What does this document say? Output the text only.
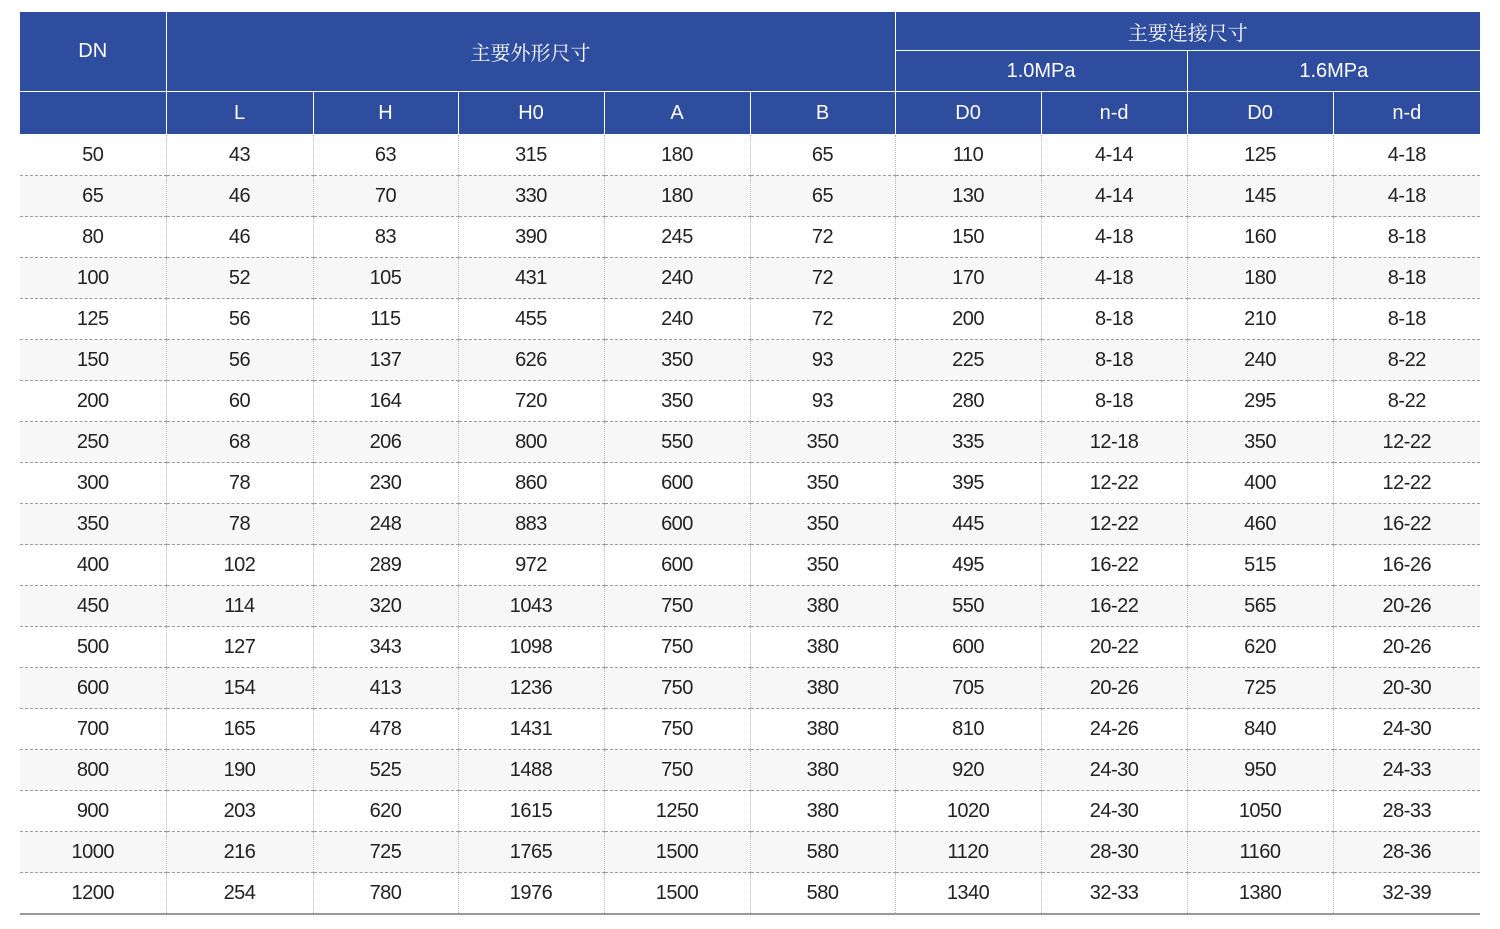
DN	主要外形尺寸					主要连接尺寸			
						1.0MPa		1.6MPa	
	L	H	H0	A	B	D0	n-d	D0	n-d
50	43	63	315	180	65	110	4-14	125	4-18
65	46	70	330	180	65	130	4-14	145	4-18
80	46	83	390	245	72	150	4-18	160	8-18
100	52	105	431	240	72	170	4-18	180	8-18
125	56	115	455	240	72	200	8-18	210	8-18
150	56	137	626	350	93	225	8-18	240	8-22
200	60	164	720	350	93	280	8-18	295	8-22
250	68	206	800	550	350	335	12-18	350	12-22
300	78	230	860	600	350	395	12-22	400	12-22
350	78	248	883	600	350	445	12-22	460	16-22
400	102	289	972	600	350	495	16-22	515	16-26
450	114	320	1043	750	380	550	16-22	565	20-26
500	127	343	1098	750	380	600	20-22	620	20-26
600	154	413	1236	750	380	705	20-26	725	20-30
700	165	478	1431	750	380	810	24-26	840	24-30
800	190	525	1488	750	380	920	24-30	950	24-33
900	203	620	1615	1250	380	1020	24-30	1050	28-33
1000	216	725	1765	1500	580	1120	28-30	1160	28-36
1200	254	780	1976	1500	580	1340	32-33	1380	32-39
